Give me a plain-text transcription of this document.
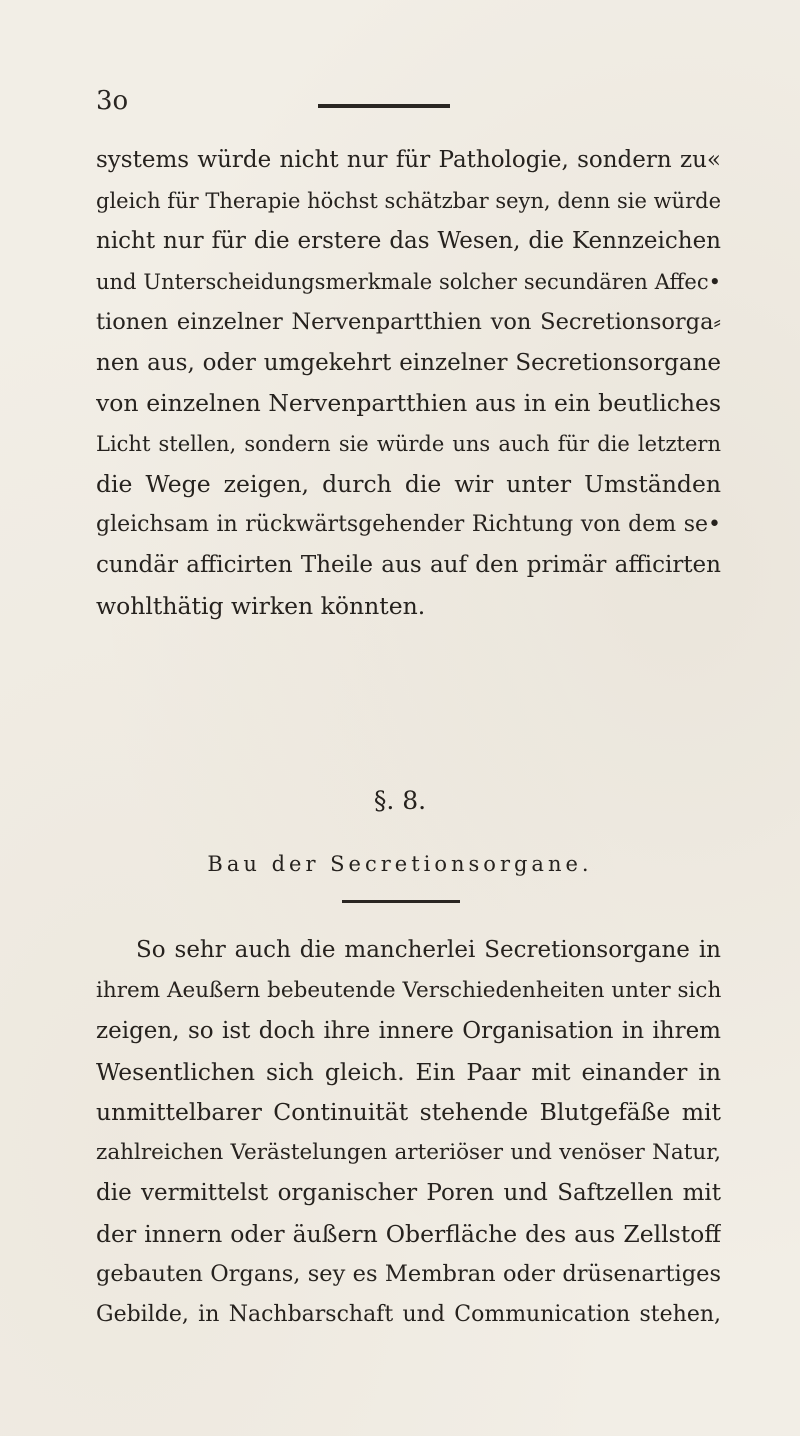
3o
systems würde nicht nur für Pathologie, sondern zu«
gleich für Therapie höchst schätzbar seyn, denn sie würde
nicht nur für die erstere das Wesen, die Kennzeichen
und Unterscheidungsmerkmale solcher secundären Affec•
tionen einzelner Nervenpartthien von Secretionsorga⸗
nen aus, oder umgekehrt einzelner Secretionsorgane
von einzelnen Nervenpartthien aus in ein beutliches
Licht stellen, sondern sie würde uns auch für die letztern
die Wege zeigen, durch die wir unter Umständen
gleichsam in rückwärtsgehender Richtung von dem se•
cundär afficirten Theile aus auf den primär afficirten
wohlthätig wirken könnten.
§. 8.
Bau der Secretionsorgane.
So sehr auch die mancherlei Secretionsorgane in
ihrem Aeußern bebeutende Verschiedenheiten unter sich
zeigen, so ist doch ihre innere Organisation in ihrem
Wesentlichen sich gleich. Ein Paar mit einander in
unmittelbarer Continuität stehende Blutgefäße mit
zahlreichen Verästelungen arteriöser und venöser Natur,
die vermittelst organischer Poren und Saftzellen mit
der innern oder äußern Oberfläche des aus Zellstoff
gebauten Organs, sey es Membran oder drüsenartiges
Gebilde, in Nachbarschaft und Communication stehen,
